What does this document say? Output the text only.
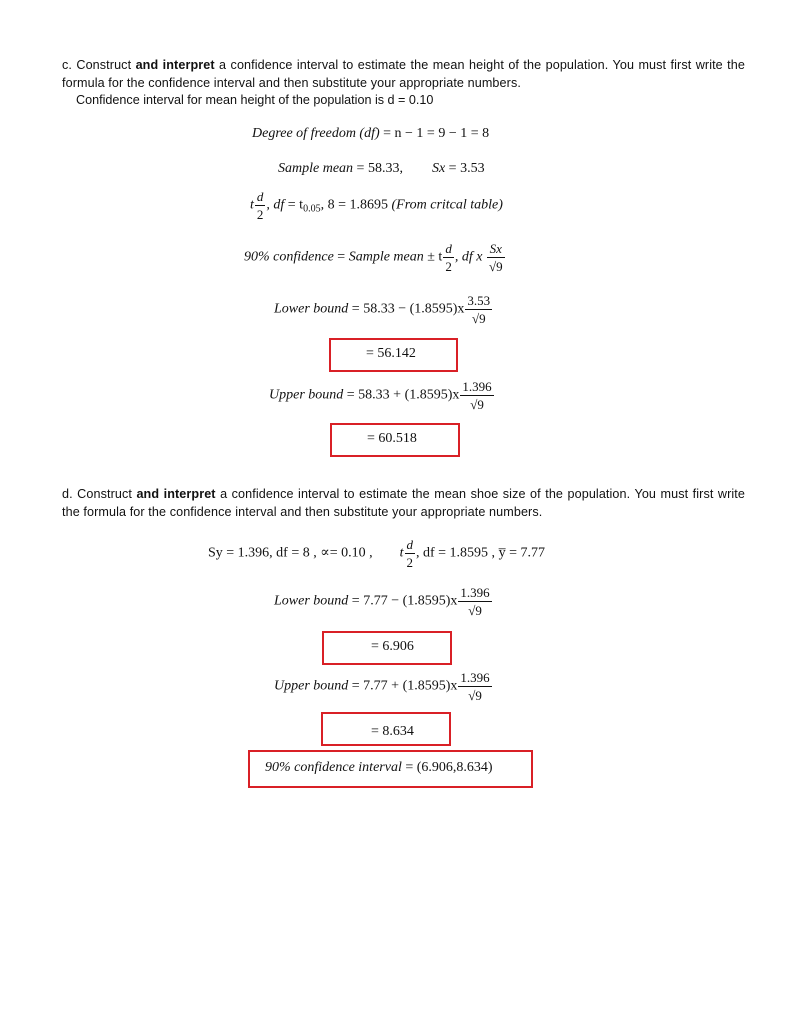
c. Construct and interpret a confidence interval to estimate the mean height of the population. You must first write the formula for the confidence interval and then substitute your appropriate numbers.
Confidence interval for mean height of the population is d = 0.10
Degree of freedom (df) = n − 1 = 9 − 1 = 8
Sample mean = 58.33, Sx = 3.53
t $\frac{d}{2}$ , df = $t_{0.05}$, 8 = 1.8695 (From critcal table)
90% confidence = Sample mean ± t $\frac{d}{2}$ , df x $\frac{Sx}{√9}$
Lower bound = $58.33 - (1.8595)x \frac{3.53}{√9}$
= 56.142
Upper bound = $58.33 + (1.8595)x \frac{1.396}{√9}$
= 60.518
d. Construct and interpret a confidence interval to estimate the mean shoe size of the population. You must first write the formula for the confidence interval and then substitute your appropriate numbers.
Sy = 1.396, df = 8 , ∝= 0.10 , t $\frac{d}{2}$ , df = 1.8595 , y̅ = 7.77
Lower bound = $7.77 - (1.8595)x \frac{1.396}{√9}$
= 6.906
Upper bound = $7.77 + (1.8595)x \frac{1.396}{√9}$
= 8.634
90% confidence interval = (6.906,8.634)
